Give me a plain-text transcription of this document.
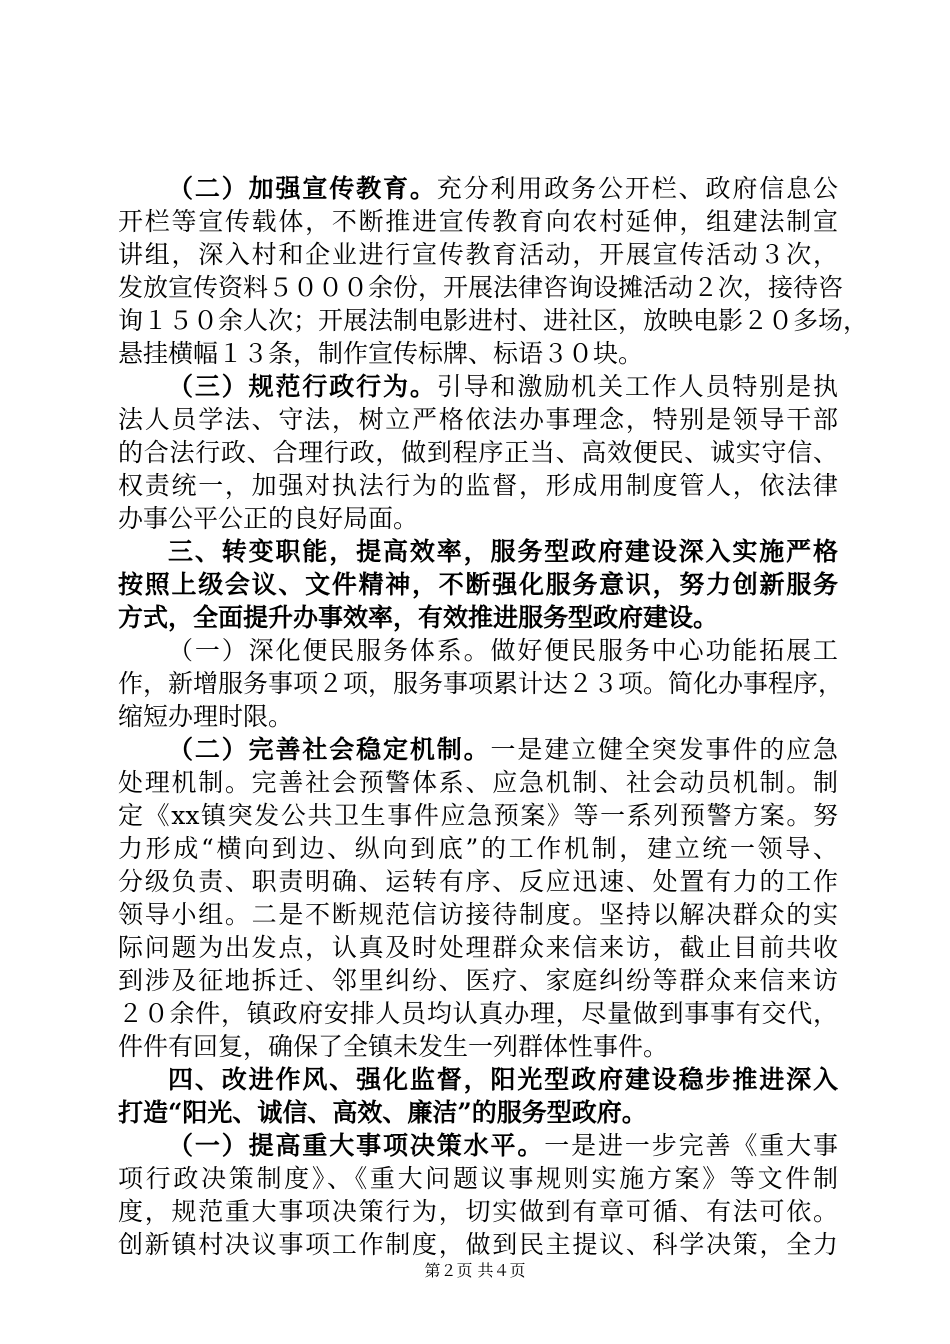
（二）加强宣传教育。充分利用政务公开栏、政府信息公
开栏等宣传载体，不断推进宣传教育向农村延伸，组建法制宣
讲组，深入村和企业进行宣传教育活动，开展宣传活动３次，
发放宣传资料５０００余份，开展法律咨询设摊活动２次，接待咨
询１５０余人次；开展法制电影进村、进社区，放映电影２０多场，
悬挂横幅１３条，制作宣传标牌、标语３０块。
（三）规范行政行为。引导和激励机关工作人员特别是执
法人员学法、守法，树立严格依法办事理念，特别是领导干部
的合法行政、合理行政，做到程序正当、高效便民、诚实守信、
权责统一，加强对执法行为的监督，形成用制度管人，依法律
办事公平公正的良好局面。
三、转变职能，提高效率，服务型政府建设深入实施严格
按照上级会议、文件精神，不断强化服务意识，努力创新服务
方式，全面提升办事效率，有效推进服务型政府建设。
（一）深化便民服务体系。做好便民服务中心功能拓展工
作，新增服务事项２项，服务事项累计达２３项。简化办事程序，
缩短办理时限。
（二）完善社会稳定机制。一是建立健全突发事件的应急
处理机制。完善社会预警体系、应急机制、社会动员机制。制
定《xx镇突发公共卫生事件应急预案》等一系列预警方案。努
力形成“横向到边、纵向到底”的工作机制，建立统一领导、
分级负责、职责明确、运转有序、反应迅速、处置有力的工作
领导小组。二是不断规范信访接待制度。坚持以解决群众的实
际问题为出发点，认真及时处理群众来信来访，截止目前共收
到涉及征地拆迁、邻里纠纷、医疗、家庭纠纷等群众来信来访
２０余件，镇政府安排人员均认真办理，尽量做到事事有交代，
件件有回复，确保了全镇未发生一列群体性事件。
四、改进作风、强化监督，阳光型政府建设稳步推进深入
打造“阳光、诚信、高效、廉洁”的服务型政府。
（一）提高重大事项决策水平。一是进一步完善《重大事
项行政决策制度》、《重大问题议事规则实施方案》等文件制
度，规范重大事项决策行为，切实做到有章可循、有法可依。
创新镇村决议事项工作制度，做到民主提议、科学决策，全力
第２页 共４页
